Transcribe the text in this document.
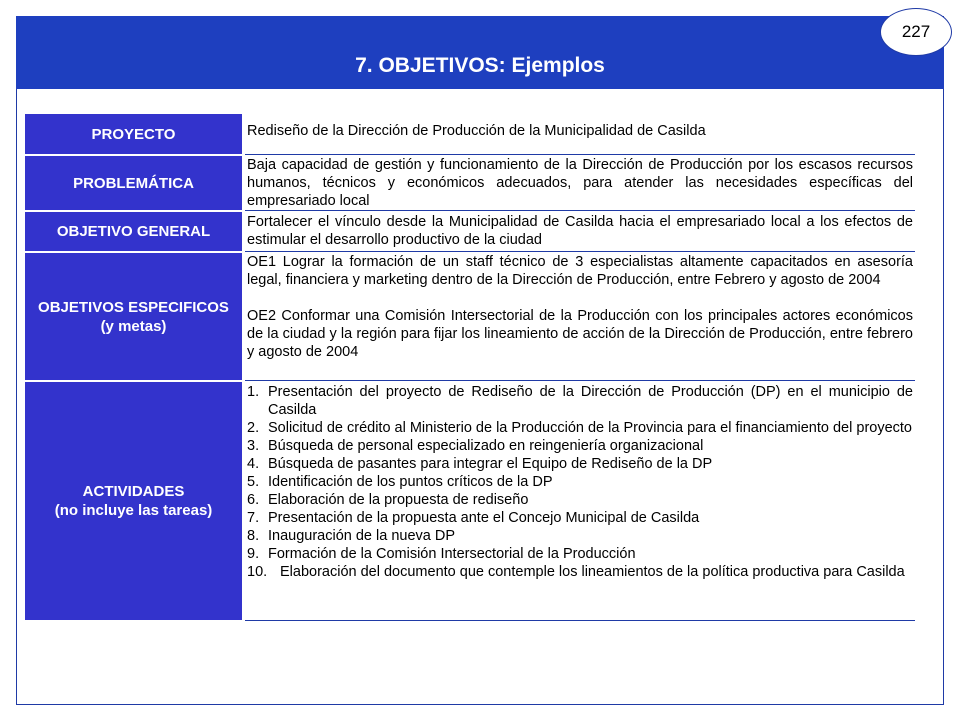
7. OBJETIVOS: Ejemplos
227
PROYECTO	Rediseño de la Dirección de Producción de la Municipalidad de Casilda

PROBLEMÁTICA

Baja capacidad de gestión y funcionamiento de la Dirección de Producción por los escasos recursos humanos, técnicos y económicos adecuados, para atender las necesidades específicas del empresariado local

OBJETIVO GENERAL

Fortalecer el vínculo desde la Municipalidad de Casilda hacia el empresariado local a los efectos de estimular el desarrollo productivo de la ciudad

OBJETIVOS ESPECIFICOS
(y metas)

OE1 Lograr la formación de un staff técnico de 3 especialistas altamente capacitados en asesoría legal, financiera y marketing dentro de la Dirección de Producción, entre Febrero y agosto de 2004

OE2 Conformar una Comisión Intersectorial de la Producción con los principales actores económicos de la ciudad y la región para fijar los lineamiento de acción de la Dirección de Producción, entre febrero y agosto de 2004

ACTIVIDADES
(no incluye las tareas)
1. Presentación del proyecto de Rediseño de la Dirección de Producción (DP) en el municipio de Casilda
2. Solicitud de crédito al Ministerio de la Producción de la Provincia para el financiamiento del proyecto
3. Búsqueda de personal especializado en reingeniería organizacional
4. Búsqueda de pasantes para integrar el Equipo de Rediseño de la DP
5. Identificación de los puntos críticos de la DP
6. Elaboración de la propuesta de rediseño
7. Presentación de la propuesta ante el Concejo Municipal de Casilda
8. Inauguración de la nueva DP
9. Formación de la Comisión Intersectorial de la Producción
10. Elaboración del documento que contemple los lineamientos de la política productiva para Casilda
